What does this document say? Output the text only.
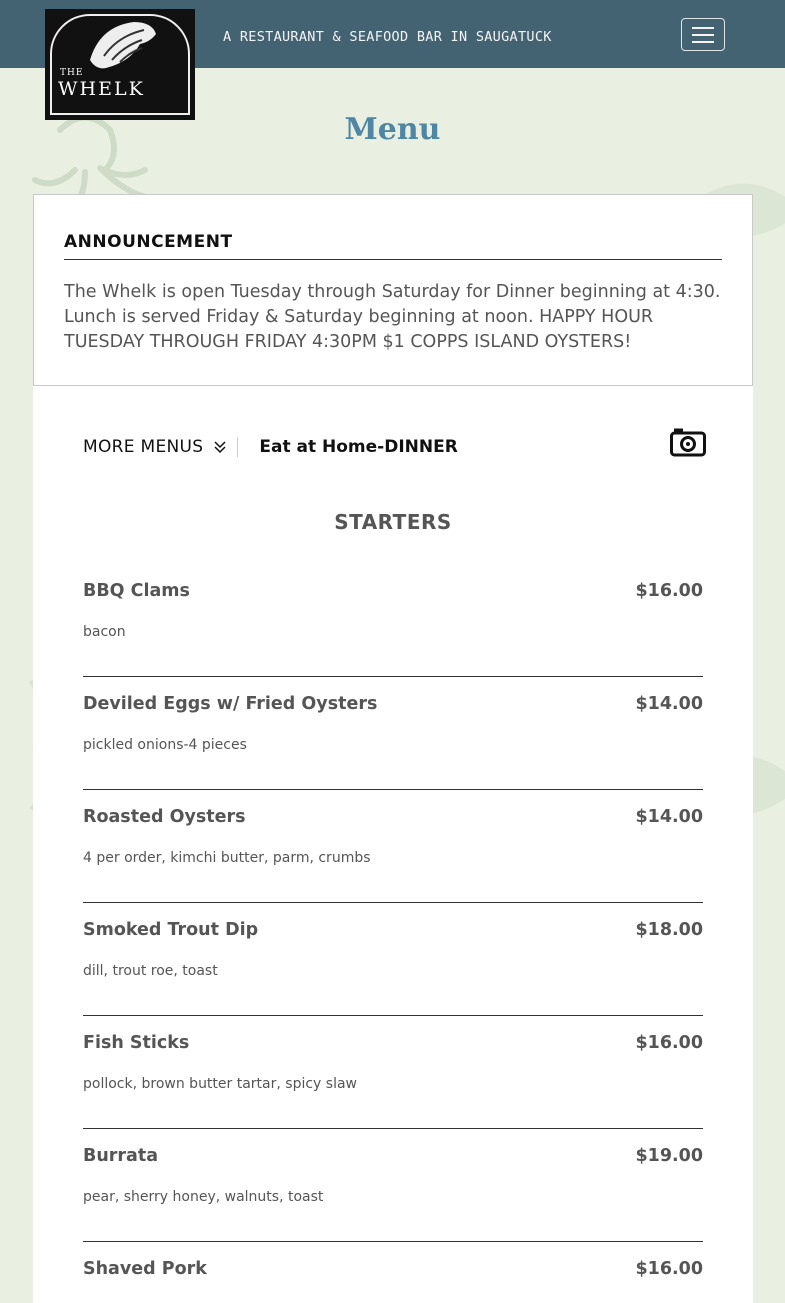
A RESTAURANT & SEAFOOD BAR IN SAUGATUCK
THE
WHELK
Menu
ANNOUNCEMENT

The Whelk is open Tuesday through Saturday for Dinner beginning at 4:30. Lunch is served Friday & Saturday beginning at noon. HAPPY HOUR TUESDAY THROUGH FRIDAY 4:30PM $1 COPPS ISLAND OYSTERS!

MORE MENUS	Eat at Home-DINNER
STARTERS
BBQ Clams	$16.00
bacon
Deviled Eggs w/ Fried Oysters	$14.00
pickled onions-4 pieces
Roasted Oysters	$14.00
4 per order, kimchi butter, parm, crumbs
Smoked Trout Dip	$18.00
dill, trout roe, toast
Fish Sticks	$16.00
pollock, brown butter tartar, spicy slaw
Burrata	$19.00
pear, sherry honey, walnuts, toast
Shaved Pork	$16.00
